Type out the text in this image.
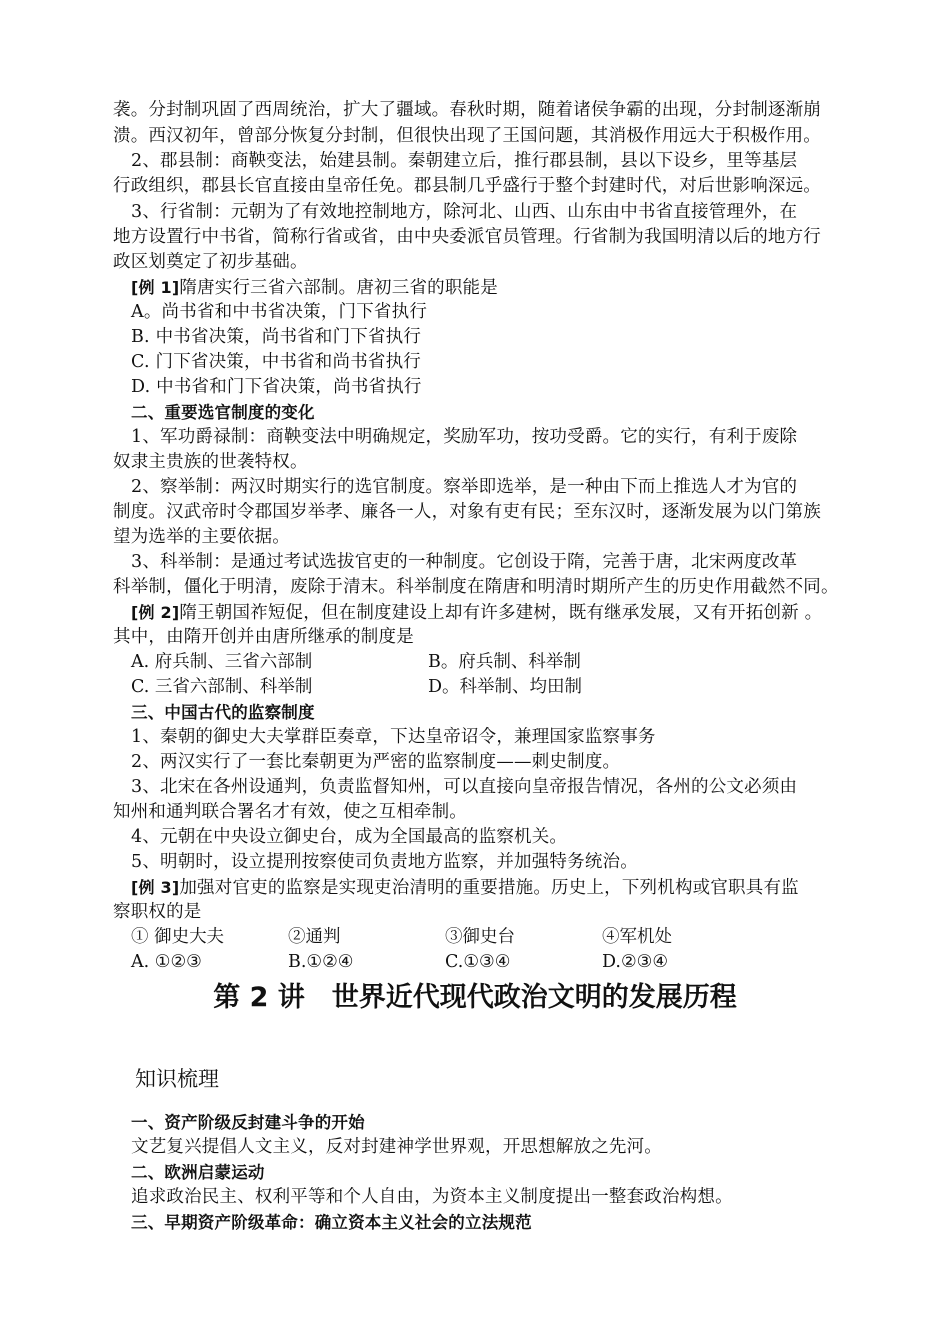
袭。分封制巩固了西周统治，扩大了疆域。春秋时期，随着诸侯争霸的出现，分封制逐渐崩
溃。西汉初年，曾部分恢复分封制，但很快出现了王国问题，其消极作用远大于积极作用。
2、郡县制：商鞅变法，始建县制。秦朝建立后，推行郡县制，县以下设乡，里等基层
行政组织，郡县长官直接由皇帝任免。郡县制几乎盛行于整个封建时代，对后世影响深远。
3、行省制：元朝为了有效地控制地方，除河北、山西、山东由中书省直接管理外，在
地方设置行中书省，简称行省或省，由中央委派官员管理。行省制为我国明清以后的地方行
政区划奠定了初步基础。
[例 1]隋唐实行三省六部制。唐初三省的职能是
A。尚书省和中书省决策，门下省执行
B. 中书省决策，尚书省和门下省执行
C. 门下省决策，中书省和尚书省执行
D. 中书省和门下省决策，尚书省执行
二、重要选官制度的变化
1、军功爵禄制：商鞅变法中明确规定，奖励军功，按功受爵。它的实行，有利于废除
奴隶主贵族的世袭特权。
2、察举制：两汉时期实行的选官制度。察举即选举，是一种由下而上推选人才为官的
制度。汉武帝时令郡国岁举孝、廉各一人，对象有吏有民；至东汉时，逐渐发展为以门第族
望为选举的主要依据。
3、科举制：是通过考试选拔官吏的一种制度。它创设于隋，完善于唐，北宋两度改革
科举制，僵化于明清，废除于清末。科举制度在隋唐和明清时期所产生的历史作用截然不同。
[例 2]隋王朝国祚短促，但在制度建设上却有许多建树，既有继承发展，又有开拓创新 。
其中，由隋开创并由唐所继承的制度是
A. 府兵制、三省六部制	B。府兵制、科举制
C. 三省六部制、科举制	D。科举制、均田制
三、中国古代的监察制度
1、秦朝的御史大夫掌群臣奏章，下达皇帝诏令，兼理国家监察事务
2、两汉实行了一套比秦朝更为严密的监察制度——刺史制度。
3、北宋在各州设通判，负责监督知州，可以直接向皇帝报告情况，各州的公文必须由
知州和通判联合署名才有效，使之互相牵制。
4、元朝在中央设立御史台，成为全国最高的监察机关。
5、明朝时，设立提刑按察使司负责地方监察，并加强特务统治。
[例 3]加强对官吏的监察是实现吏治清明的重要措施。历史上，下列机构或官职具有监
察职权的是
① 御史大夫	②通判	③御史台	④军机处
A. ①②③	B.①②④	C.①③④	D.②③④
第 2 讲　世界近代现代政治文明的发展历程
知识梳理
一、资产阶级反封建斗争的开始
文艺复兴提倡人文主义，反对封建神学世界观，开思想解放之先河。
二、欧洲启蒙运动
追求政治民主、权利平等和个人自由，为资本主义制度提出一整套政治构想。
三、早期资产阶级革命：确立资本主义社会的立法规范
